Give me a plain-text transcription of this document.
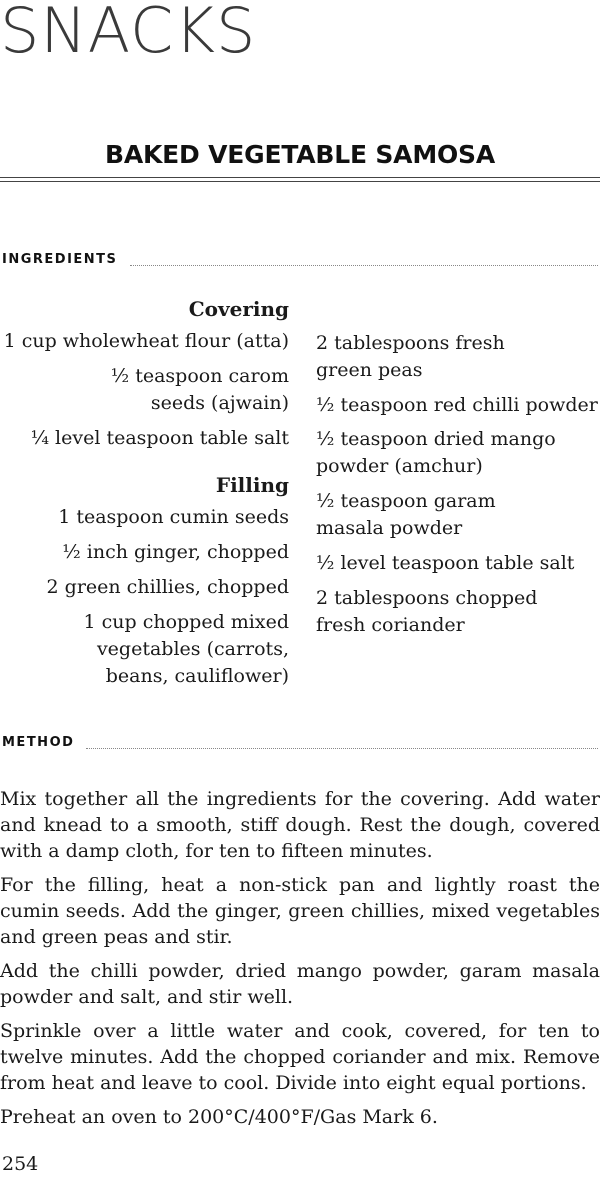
SNACKS
BAKED VEGETABLE SAMOSA
INGREDIENTS

Covering

1 cup wholewheat flour (atta)

½ teaspoon carom seeds (ajwain)

¼ level teaspoon table salt

Filling

1 teaspoon cumin seeds

½ inch ginger, chopped

2 green chillies, chopped

1 cup chopped mixed vegetables (carrots, beans, cauliflower)

2 tablespoons fresh green peas

½ teaspoon red chilli powder

½ teaspoon dried mango powder (amchur)

½ teaspoon garam masala powder

½ level teaspoon table salt

2 tablespoons chopped fresh coriander

METHOD

Mix together all the ingredients for the covering. Add water and knead to a smooth, stiff dough. Rest the dough, covered with a damp cloth, for ten to fifteen minutes.

For the filling, heat a non-stick pan and lightly roast the cumin seeds. Add the ginger, green chillies, mixed vegetables and green peas and stir.

Add the chilli powder, dried mango powder, garam masala powder and salt, and stir well.

Sprinkle over a little water and cook, covered, for ten to twelve minutes. Add the chopped coriander and mix. Remove from heat and leave to cool. Divide into eight equal portions.

Preheat an oven to 200°C/400°F/Gas Mark 6.

254
